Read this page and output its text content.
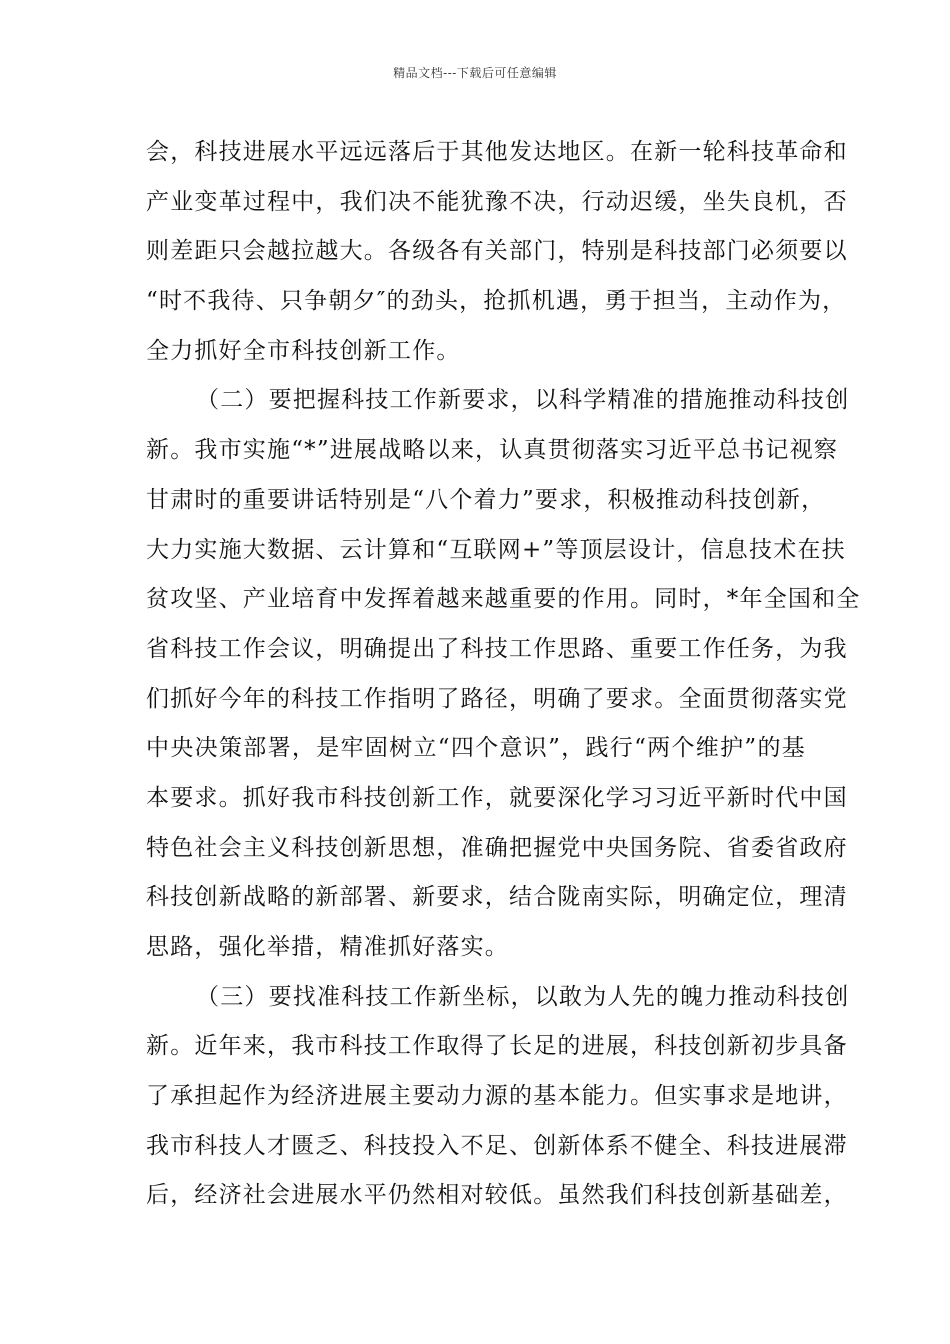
精品文档---下载后可任意编辑
会，科技进展水平远远落后于其他发达地区。在新一轮科技革命和
产业变革过程中，我们决不能犹豫不决，行动迟缓，坐失良机，否
则差距只会越拉越大。各级各有关部门，特别是科技部门必须要以
“时不我待、只争朝夕″的劲头，抢抓机遇，勇于担当，主动作为，
全力抓好全市科技创新工作。
（二）要把握科技工作新要求，以科学精准的措施推动科技创
新。我市实施“*”进展战略以来，认真贯彻落实习近平总书记视察
甘肃时的重要讲话特别是“八个着力”要求，积极推动科技创新，
大力实施大数据、云计算和“互联网+”等顶层设计，信息技术在扶
贫攻坚、产业培育中发挥着越来越重要的作用。同时，*年全国和全
省科技工作会议，明确提出了科技工作思路、重要工作任务，为我
们抓好今年的科技工作指明了路径，明确了要求。全面贯彻落实党
中央决策部署，是牢固树立“四个意识”，践行“两个维护”的基
本要求。抓好我市科技创新工作，就要深化学习习近平新时代中国
特色社会主义科技创新思想，准确把握党中央国务院、省委省政府
科技创新战略的新部署、新要求，结合陇南实际，明确定位，理清
思路，强化举措，精准抓好落实。
（三）要找准科技工作新坐标，以敢为人先的魄力推动科技创
新。近年来，我市科技工作取得了长足的进展，科技创新初步具备
了承担起作为经济进展主要动力源的基本能力。但实事求是地讲，
我市科技人才匮乏、科技投入不足、创新体系不健全、科技进展滞
后，经济社会进展水平仍然相对较低。虽然我们科技创新基础差，
